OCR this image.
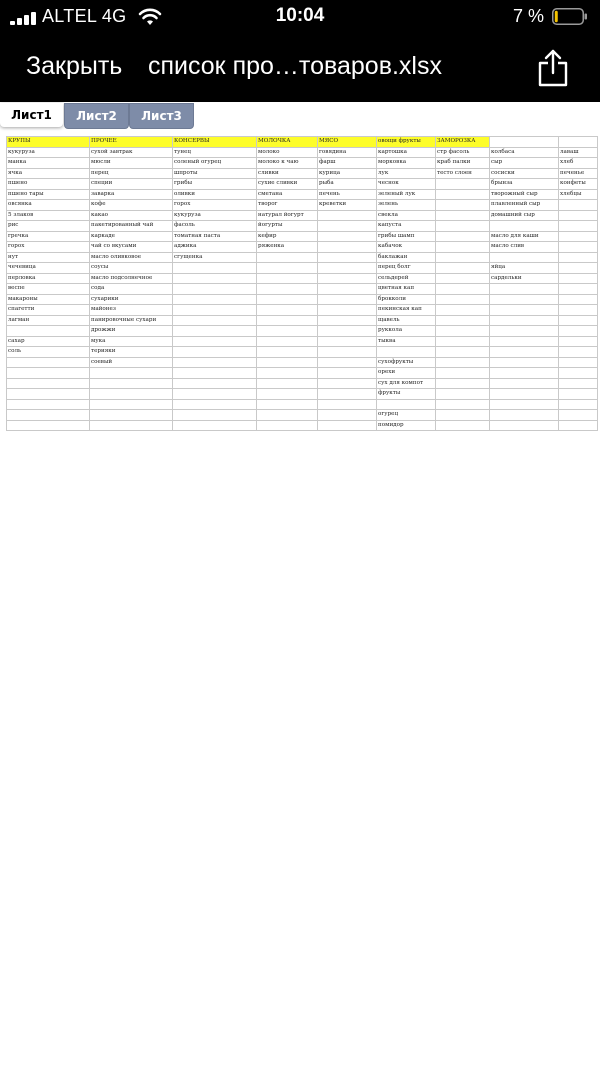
ALTEL 4G	10:04	7 %
Закрыть список про…товаров.xlsx
Лист1	Лист2	Лист3
КРУПЫ	ПРОЧЕЕ	КОНСЕРВЫ	МОЛОЧКА	МЯСО	овощи фрукты	ЗАМОРОЗКА		
кукуруза	сухой завтрак	тунец	молоко	говядина	картошка	стр фасоль	колбаса	лаваш
манка	мюсли	соленый огурец	молоко к чаю	фарш	морковка	краб палки	сыр	хлеб
ячка	перец	шпроты	сливки	курица	лук	тесто слоен	сосиски	печенье
пшено	специи	грибы	сухие сливки	рыба	чеснок		брынза	конфеты
пшено тары	заварка	оливки	сметана	печень	зеленый лук		творожный сыр	хлебцы
овсянка	кофе	горох	творог	креветки	зелень		плавленный сыр	
5 злаков	какао	кукуруза	натурал йогурт		свекла		домашний сыр	
рис	пакетированный чай	фасоль	йогурты		капуста			
гречка	каркаде	томатная паста	кефир		грибы шамп		масло для каши	
горох	чай со вкусами	аджика	ряженка		кабачок		масло слив	
нут	масло оливковое	сгущенка			баклажан			
чечевица	соусы				перец болг		яйца	
перловка	масло подсолнечное				сельдерей		сардельки	
веспе	сода				цветная кап			
макароны	сухарики				брокколи			
спагетти	майонез				пекинская кап			
лагман	панировочные сухари				щавель			
	дрожжи				руккола			
сахар	мука				тыква			
соль	терияки							
	соевый				сухофрукты			
					орехи			
					сух для компот			
					фрукты			

					огурец			
					помидор			
